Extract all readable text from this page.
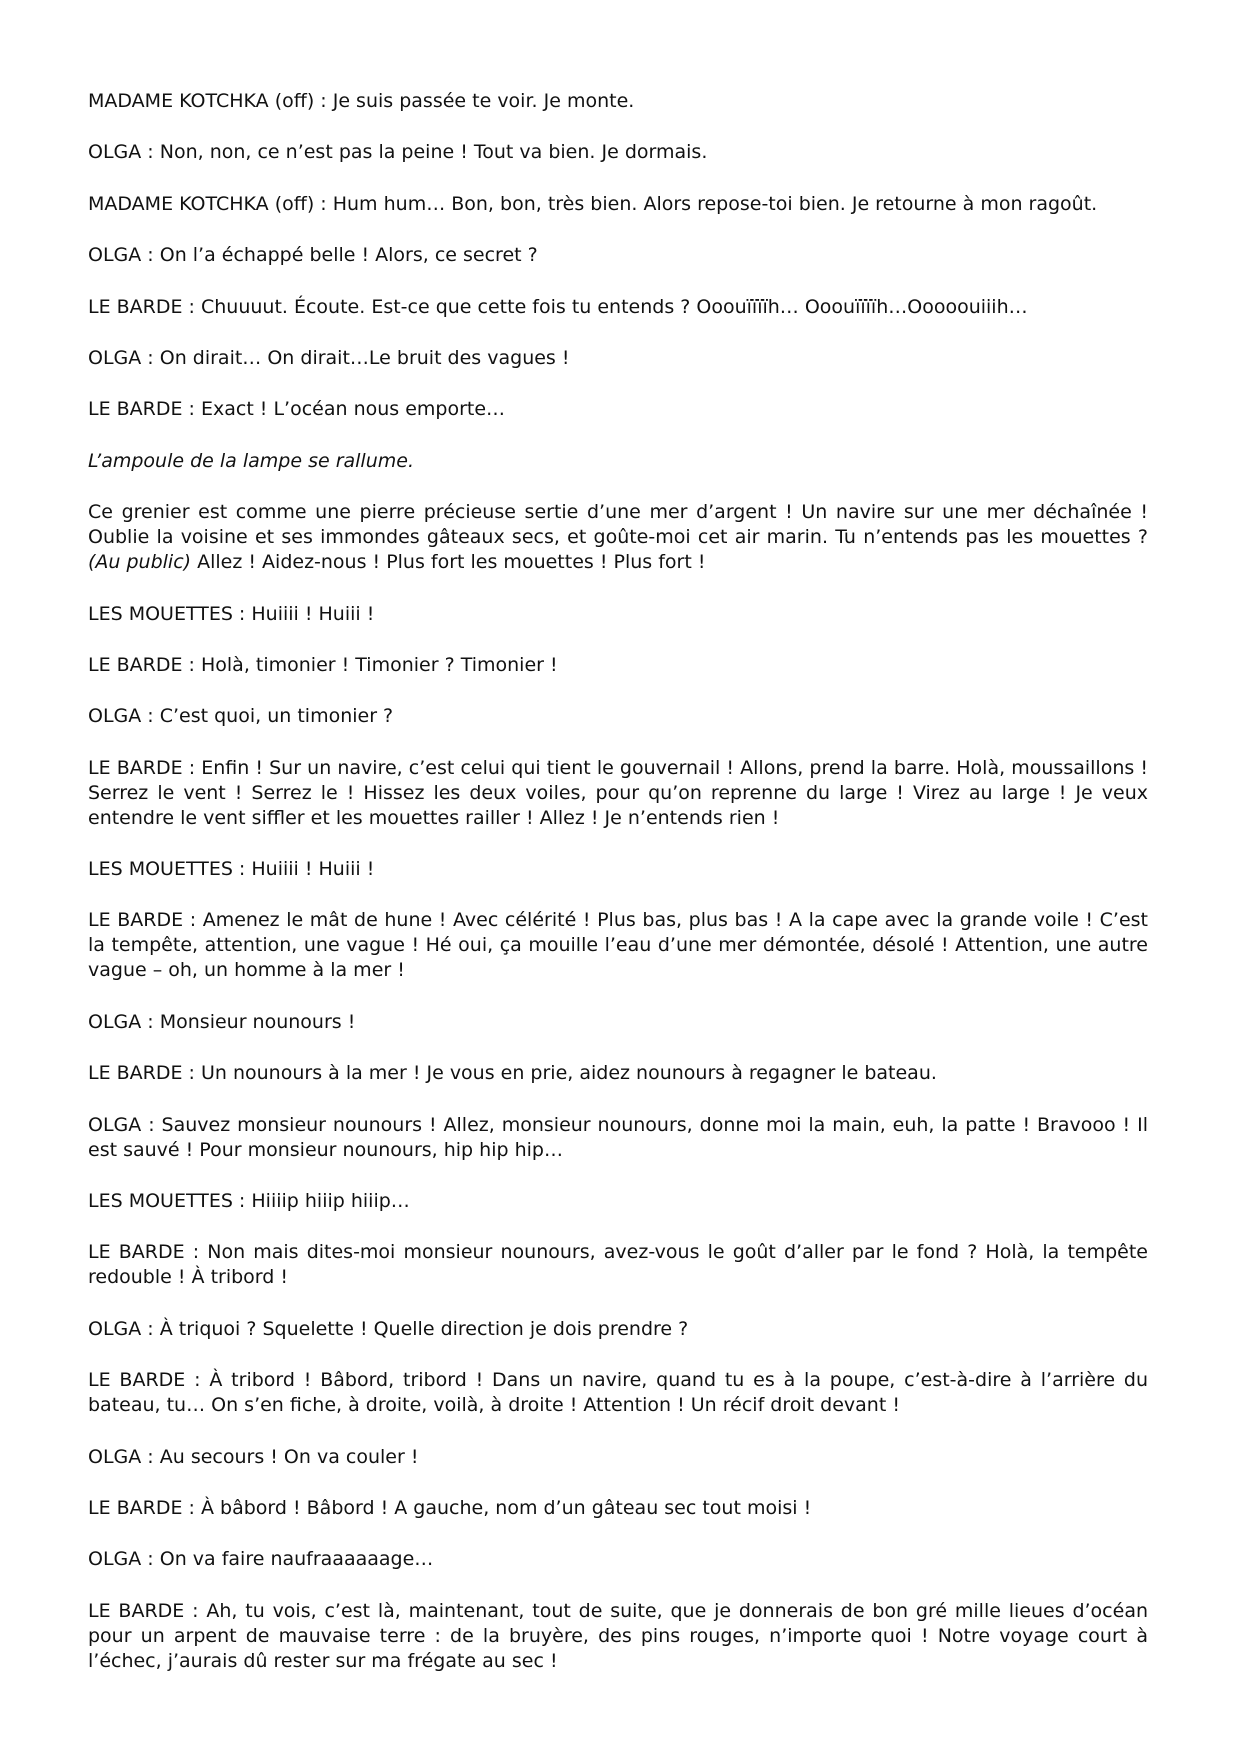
MADAME KOTCHKA (off) : Je suis passée te voir. Je monte.

OLGA : Non, non, ce n’est pas la peine ! Tout va bien. Je dormais.

MADAME KOTCHKA (off) : Hum hum… Bon, bon, très bien. Alors repose-toi bien. Je retourne à mon ragoût.

OLGA : On l’a échappé belle ! Alors, ce secret ?

LE BARDE : Chuuuut. Écoute. Est-ce que cette fois tu entends ? Ooouïïïïh… Ooouïïïïh…Ooooouiiih…

OLGA : On dirait… On dirait…Le bruit des vagues !

LE BARDE : Exact ! L’océan nous emporte…

L’ampoule de la lampe se rallume.

Ce grenier est comme une pierre précieuse sertie d’une mer d’argent ! Un navire sur une mer déchaînée ! Oublie la voisine et ses immondes gâteaux secs, et goûte-moi cet air marin. Tu n’entends pas les mouettes ? (Au public) Allez ! Aidez-nous ! Plus fort les mouettes ! Plus fort !

LES MOUETTES : Huiiii ! Huiii !

LE BARDE : Holà, timonier ! Timonier ? Timonier !

OLGA : C’est quoi, un timonier ?

LE BARDE : Enfin ! Sur un navire, c’est celui qui tient le gouvernail ! Allons, prend la barre. Holà, moussaillons ! Serrez le vent ! Serrez le ! Hissez les deux voiles, pour qu’on reprenne du large ! Virez au large ! Je veux entendre le vent siffler et les mouettes railler ! Allez ! Je n’entends rien !

LES MOUETTES : Huiiii ! Huiii !

LE BARDE : Amenez le mât de hune ! Avec célérité ! Plus bas, plus bas ! A la cape avec la grande voile ! C’est la tempête, attention, une vague ! Hé oui, ça mouille l’eau d’une mer démontée, désolé ! Attention, une autre vague – oh, un homme à la mer !

OLGA : Monsieur nounours !

LE BARDE : Un nounours à la mer ! Je vous en prie, aidez nounours à regagner le bateau.

OLGA : Sauvez monsieur nounours ! Allez, monsieur nounours, donne moi la main, euh, la patte ! Bravooo ! Il est sauvé ! Pour monsieur nounours, hip hip hip…

LES MOUETTES : Hiiiip hiiip hiiip…

LE BARDE : Non mais dites-moi monsieur nounours, avez-vous le goût d’aller par le fond ? Holà, la tempête redouble ! À tribord !

OLGA : À triquoi ? Squelette ! Quelle direction je dois prendre ?

LE BARDE : À tribord ! Bâbord, tribord ! Dans un navire, quand tu es à la poupe, c’est-à-dire à l’arrière du bateau, tu… On s’en fiche, à droite, voilà, à droite ! Attention ! Un récif droit devant !

OLGA : Au secours ! On va couler !

LE BARDE : À bâbord ! Bâbord ! A gauche, nom d’un gâteau sec tout moisi !

OLGA : On va faire naufraaaaaage…

LE BARDE : Ah, tu vois, c’est là, maintenant, tout de suite, que je donnerais de bon gré mille lieues d’océan pour un arpent de mauvaise terre : de la bruyère, des pins rouges, n’importe quoi ! Notre voyage court à l’échec, j’aurais dû rester sur ma frégate au sec !
